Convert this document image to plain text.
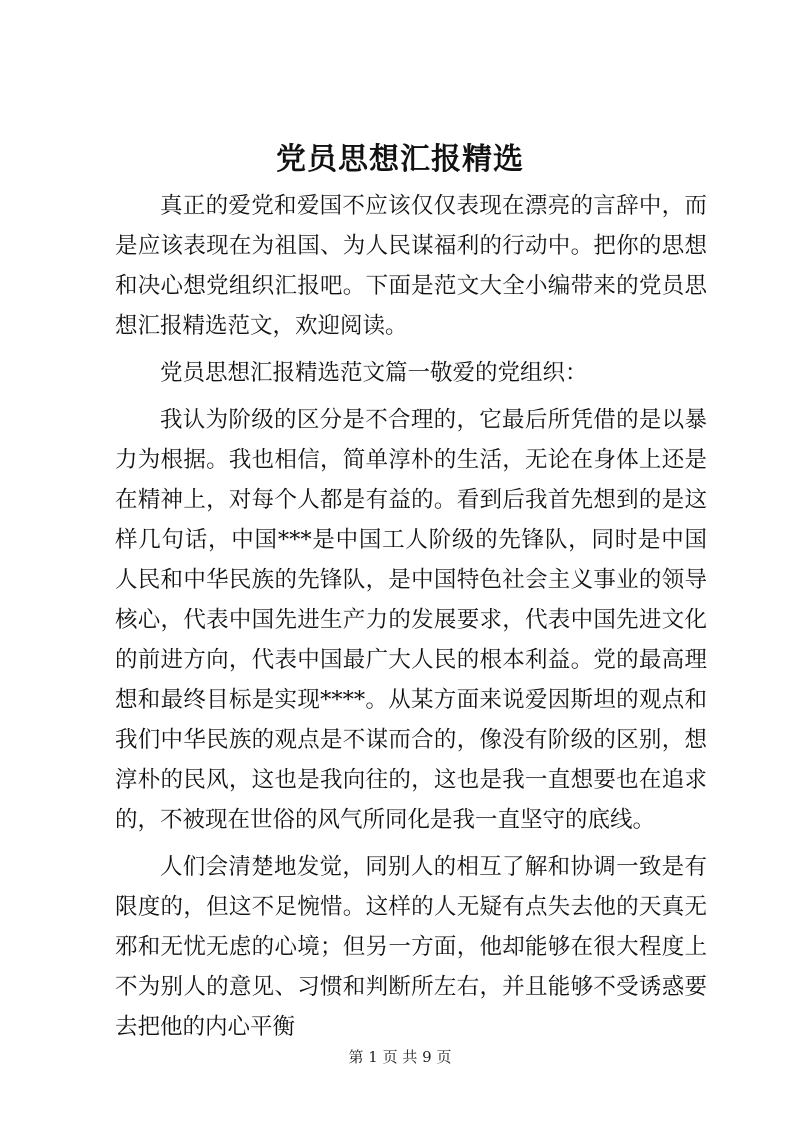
党员思想汇报精选

真正的爱党和爱国不应该仅仅表现在漂亮的言辞中，而是应该表现在为祖国、为人民谋福利的行动中。把你的思想和决心想党组织汇报吧。下面是范文大全小编带来的党员思想汇报精选范文，欢迎阅读。

党员思想汇报精选范文篇一敬爱的党组织：

我认为阶级的区分是不合理的，它最后所凭借的是以暴力为根据。我也相信，简单淳朴的生活，无论在身体上还是在精神上，对每个人都是有益的。看到后我首先想到的是这样几句话，中国***是中国工人阶级的先锋队，同时是中国人民和中华民族的先锋队，是中国特色社会主义事业的领导核心，代表中国先进生产力的发展要求，代表中国先进文化的前进方向，代表中国最广大人民的根本利益。党的最高理想和最终目标是实现****。从某方面来说爱因斯坦的观点和我们中华民族的观点是不谋而合的，像没有阶级的区别，想淳朴的民风，这也是我向往的，这也是我一直想要也在追求的，不被现在世俗的风气所同化是我一直坚守的底线。

人们会清楚地发觉，同别人的相互了解和协调一致是有限度的，但这不足惋惜。这样的人无疑有点失去他的天真无邪和无忧无虑的心境；但另一方面，他却能够在很大程度上不为别人的意见、习惯和判断所左右，并且能够不受诱惑要去把他的内心平衡

第 1 页 共 9 页
